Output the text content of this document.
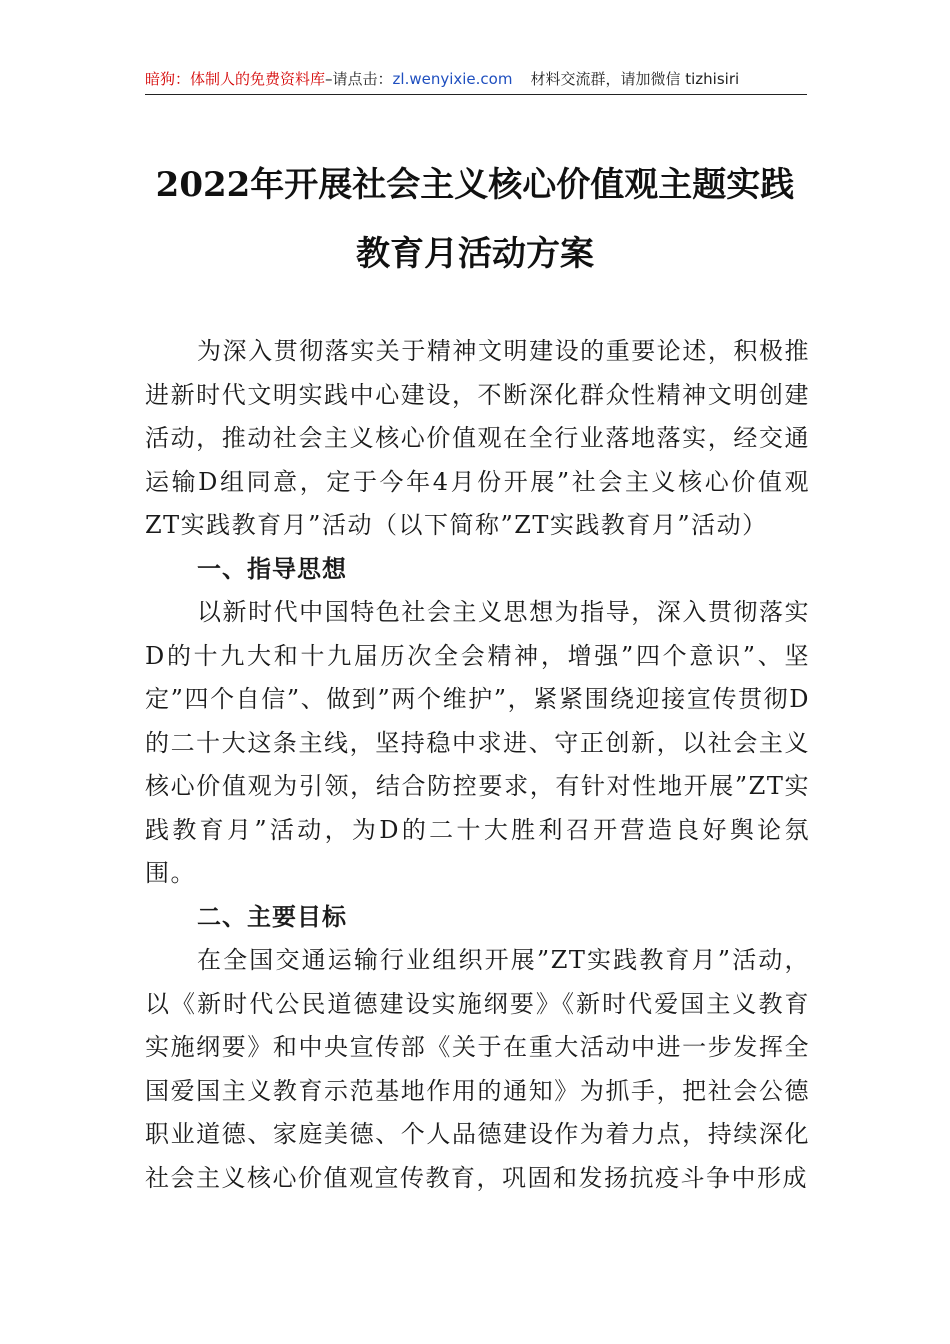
暗狗：体制人的免费资料库–请点击：zl.wenyixie.com 材料交流群，请加微信 tizhisiri
2022年开展社会主义核心价值观主题实践
教育月活动方案

为深入贯彻落实关于精神文明建设的重要论述，积极推进新时代文明实践中心建设，不断深化群众性精神文明创建活动，推动社会主义核心价值观在全行业落地落实，经交通运输D组同意，定于今年4月份开展”社会主义核心价值观ZT实践教育月”活动（以下简称”ZT实践教育月”活动）

一、指导思想

以新时代中国特色社会主义思想为指导，深入贯彻落实D的十九大和十九届历次全会精神，增强”四个意识”、坚定”四个自信”、做到”两个维护”，紧紧围绕迎接宣传贯彻D的二十大这条主线，坚持稳中求进、守正创新，以社会主义核心价值观为引领，结合防控要求，有针对性地开展”ZT实践教育月”活动，为D的二十大胜利召开营造良好舆论氛围。

二、主要目标

在全国交通运输行业组织开展”ZT实践教育月”活动，以《新时代公民道德建设实施纲要》《新时代爱国主义教育实施纲要》和中央宣传部《关于在重大活动中进一步发挥全国爱国主义教育示范基地作用的通知》为抓手，把社会公德职业道德、家庭美德、个人品德建设作为着力点，持续深化社会主义核心价值观宣传教育，巩固和发扬抗疫斗争中形成
